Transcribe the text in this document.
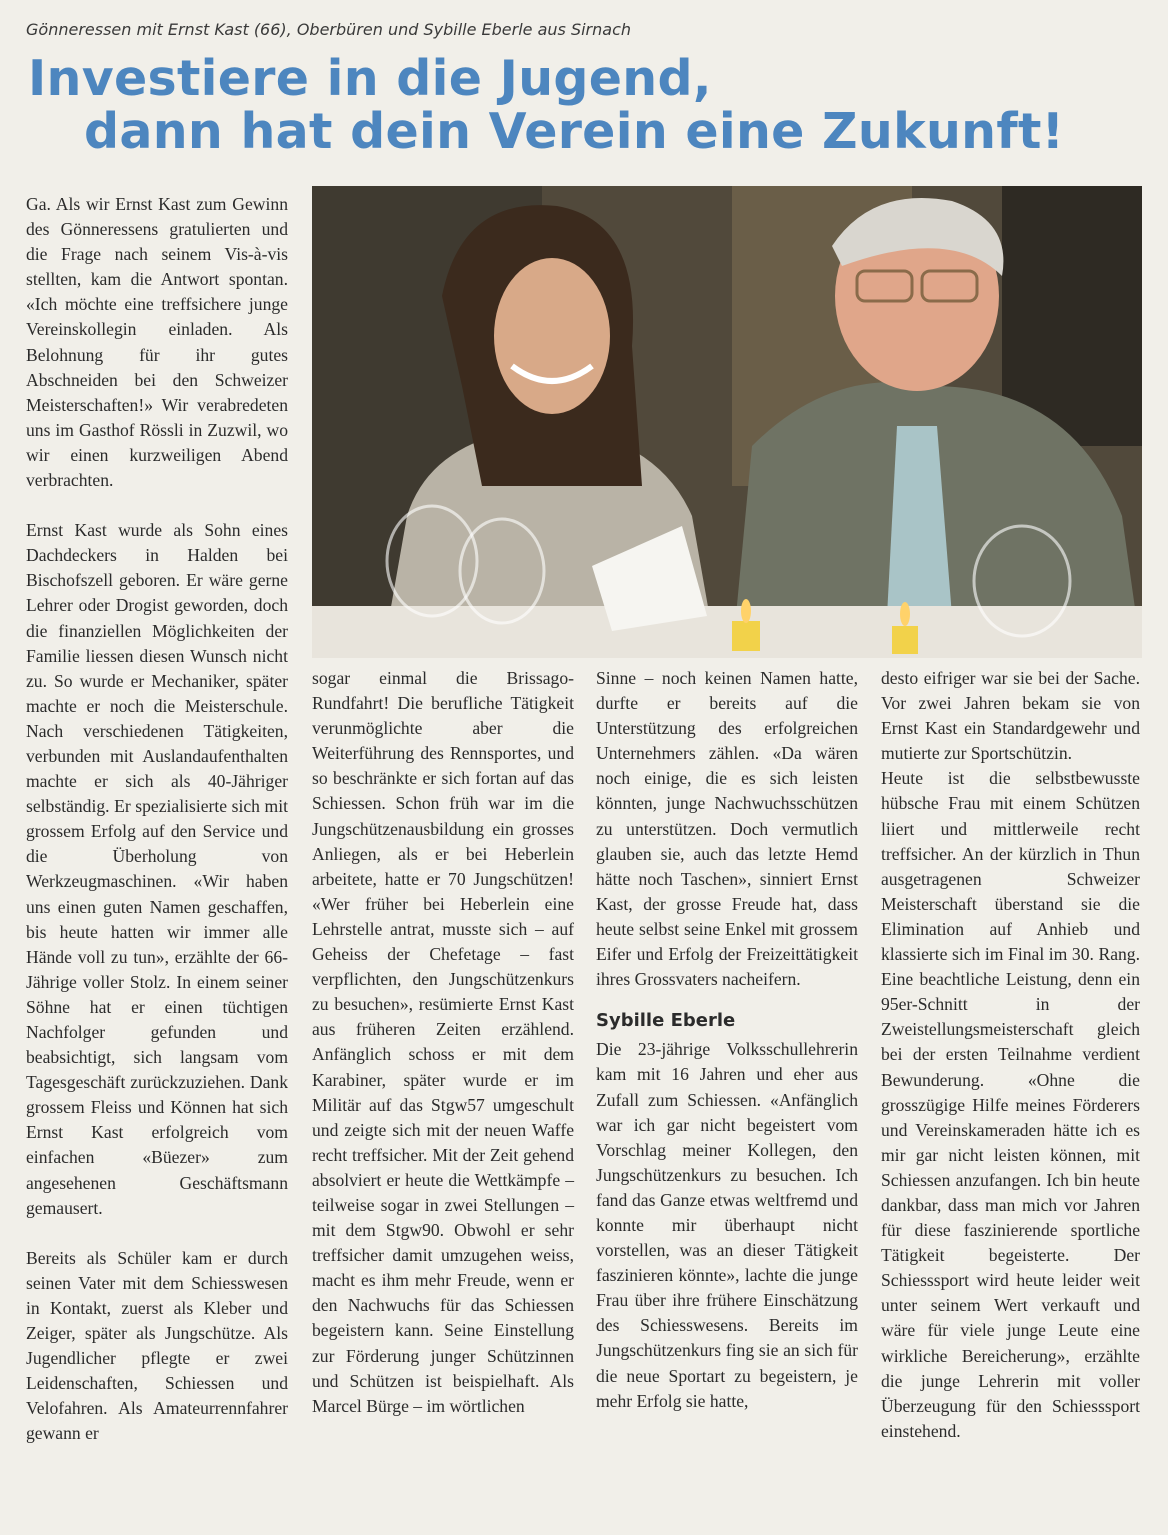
Gönneressen mit Ernst Kast (66), Oberbüren und Sybille Eberle aus Sirnach
Investiere in die Jugend,
dann hat dein Verein eine Zukunft!

Ga. Als wir Ernst Kast zum Gewinn des Gönneressens gratulierten und die Frage nach seinem Vis-à-vis stellten, kam die Antwort spontan. «Ich möchte eine treffsichere junge Vereinskollegin einladen. Als Belohnung für ihr gutes Abschneiden bei den Schweizer Meisterschaften!» Wir verabredeten uns im Gasthof Rössli in Zuzwil, wo wir einen kurzweiligen Abend verbrachten.

Ernst Kast wurde als Sohn eines Dachdeckers in Halden bei Bischofszell geboren. Er wäre gerne Lehrer oder Drogist geworden, doch die finanziellen Möglichkeiten der Familie liessen diesen Wunsch nicht zu. So wurde er Mechaniker, später machte er noch die Meisterschule. Nach verschiedenen Tätigkeiten, verbunden mit Auslandaufenthalten machte er sich als 40-Jähriger selbständig. Er spezialisierte sich mit grossem Erfolg auf den Service und die Überholung von Werkzeugmaschinen. «Wir haben uns einen guten Namen geschaffen, bis heute hatten wir immer alle Hände voll zu tun», erzählte der 66-Jährige voller Stolz. In einem seiner Söhne hat er einen tüchtigen Nachfolger gefunden und beabsichtigt, sich langsam vom Tagesgeschäft zurückzuziehen. Dank grossem Fleiss und Können hat sich Ernst Kast erfolgreich vom einfachen «Büezer» zum angesehenen Geschäftsmann gemausert.

Bereits als Schüler kam er durch seinen Vater mit dem Schiesswesen in Kontakt, zuerst als Kleber und Zeiger, später als Jungschütze. Als Jugendlicher pflegte er zwei Leidenschaften, Schiessen und Velofahren. Als Amateurrennfahrer gewann er

sogar einmal die Brissago-Rundfahrt! Die berufliche Tätigkeit verunmöglichte aber die Weiterführung des Rennsportes, und so beschränkte er sich fortan auf das Schiessen. Schon früh war im die Jungschützenausbildung ein grosses Anliegen, als er bei Heberlein arbeitete, hatte er 70 Jungschützen! «Wer früher bei Heberlein eine Lehrstelle antrat, musste sich – auf Geheiss der Chefetage – fast verpflichten, den Jungschützenkurs zu besuchen», resümierte Ernst Kast aus früheren Zeiten erzählend. Anfänglich schoss er mit dem Karabiner, später wurde er im Militär auf das Stgw57 umgeschult und zeigte sich mit der neuen Waffe recht treffsicher. Mit der Zeit gehend absolviert er heute die Wettkämpfe – teilweise sogar in zwei Stellungen – mit dem Stgw90. Obwohl er sehr treffsicher damit umzugehen weiss, macht es ihm mehr Freude, wenn er den Nachwuchs für das Schiessen begeistern kann. Seine Einstellung zur Förderung junger Schützinnen und Schützen ist beispielhaft. Als Marcel Bürge – im wörtlichen

Sinne – noch keinen Namen hatte, durfte er bereits auf die Unterstützung des erfolgreichen Unternehmers zählen. «Da wären noch einige, die es sich leisten könnten, junge Nachwuchsschützen zu unterstützen. Doch vermutlich glauben sie, auch das letzte Hemd hätte noch Taschen», sinniert Ernst Kast, der grosse Freude hat, dass heute selbst seine Enkel mit grossem Eifer und Erfolg der Freizeittätigkeit ihres Grossvaters nacheifern.

Sybille Eberle

Die 23-jährige Volksschullehrerin kam mit 16 Jahren und eher aus Zufall zum Schiessen. «Anfänglich war ich gar nicht begeistert vom Vorschlag meiner Kollegen, den Jungschützenkurs zu besuchen. Ich fand das Ganze etwas weltfremd und konnte mir überhaupt nicht vorstellen, was an dieser Tätigkeit faszinieren könnte», lachte die junge Frau über ihre frühere Einschätzung des Schiesswesens. Bereits im Jungschützenkurs fing sie an sich für die neue Sportart zu begeistern, je mehr Erfolg sie hatte,

desto eifriger war sie bei der Sache. Vor zwei Jahren bekam sie von Ernst Kast ein Standardgewehr und mutierte zur Sportschützin.

Heute ist die selbstbewusste hübsche Frau mit einem Schützen liiert und mittlerweile recht treffsicher. An der kürzlich in Thun ausgetragenen Schweizer Meisterschaft überstand sie die Elimination auf Anhieb und klassierte sich im Final im 30. Rang. Eine beachtliche Leistung, denn ein 95er-Schnitt in der Zweistellungsmeisterschaft gleich bei der ersten Teilnahme verdient Bewunderung. «Ohne die grosszügige Hilfe meines Förderers und Vereinskameraden hätte ich es mir gar nicht leisten können, mit Schiessen anzufangen. Ich bin heute dankbar, dass man mich vor Jahren für diese faszinierende sportliche Tätigkeit begeisterte. Der Schiesssport wird heute leider weit unter seinem Wert verkauft und wäre für viele junge Leute eine wirkliche Bereicherung», erzählte die junge Lehrerin mit voller Überzeugung für den Schiesssport einstehend.
